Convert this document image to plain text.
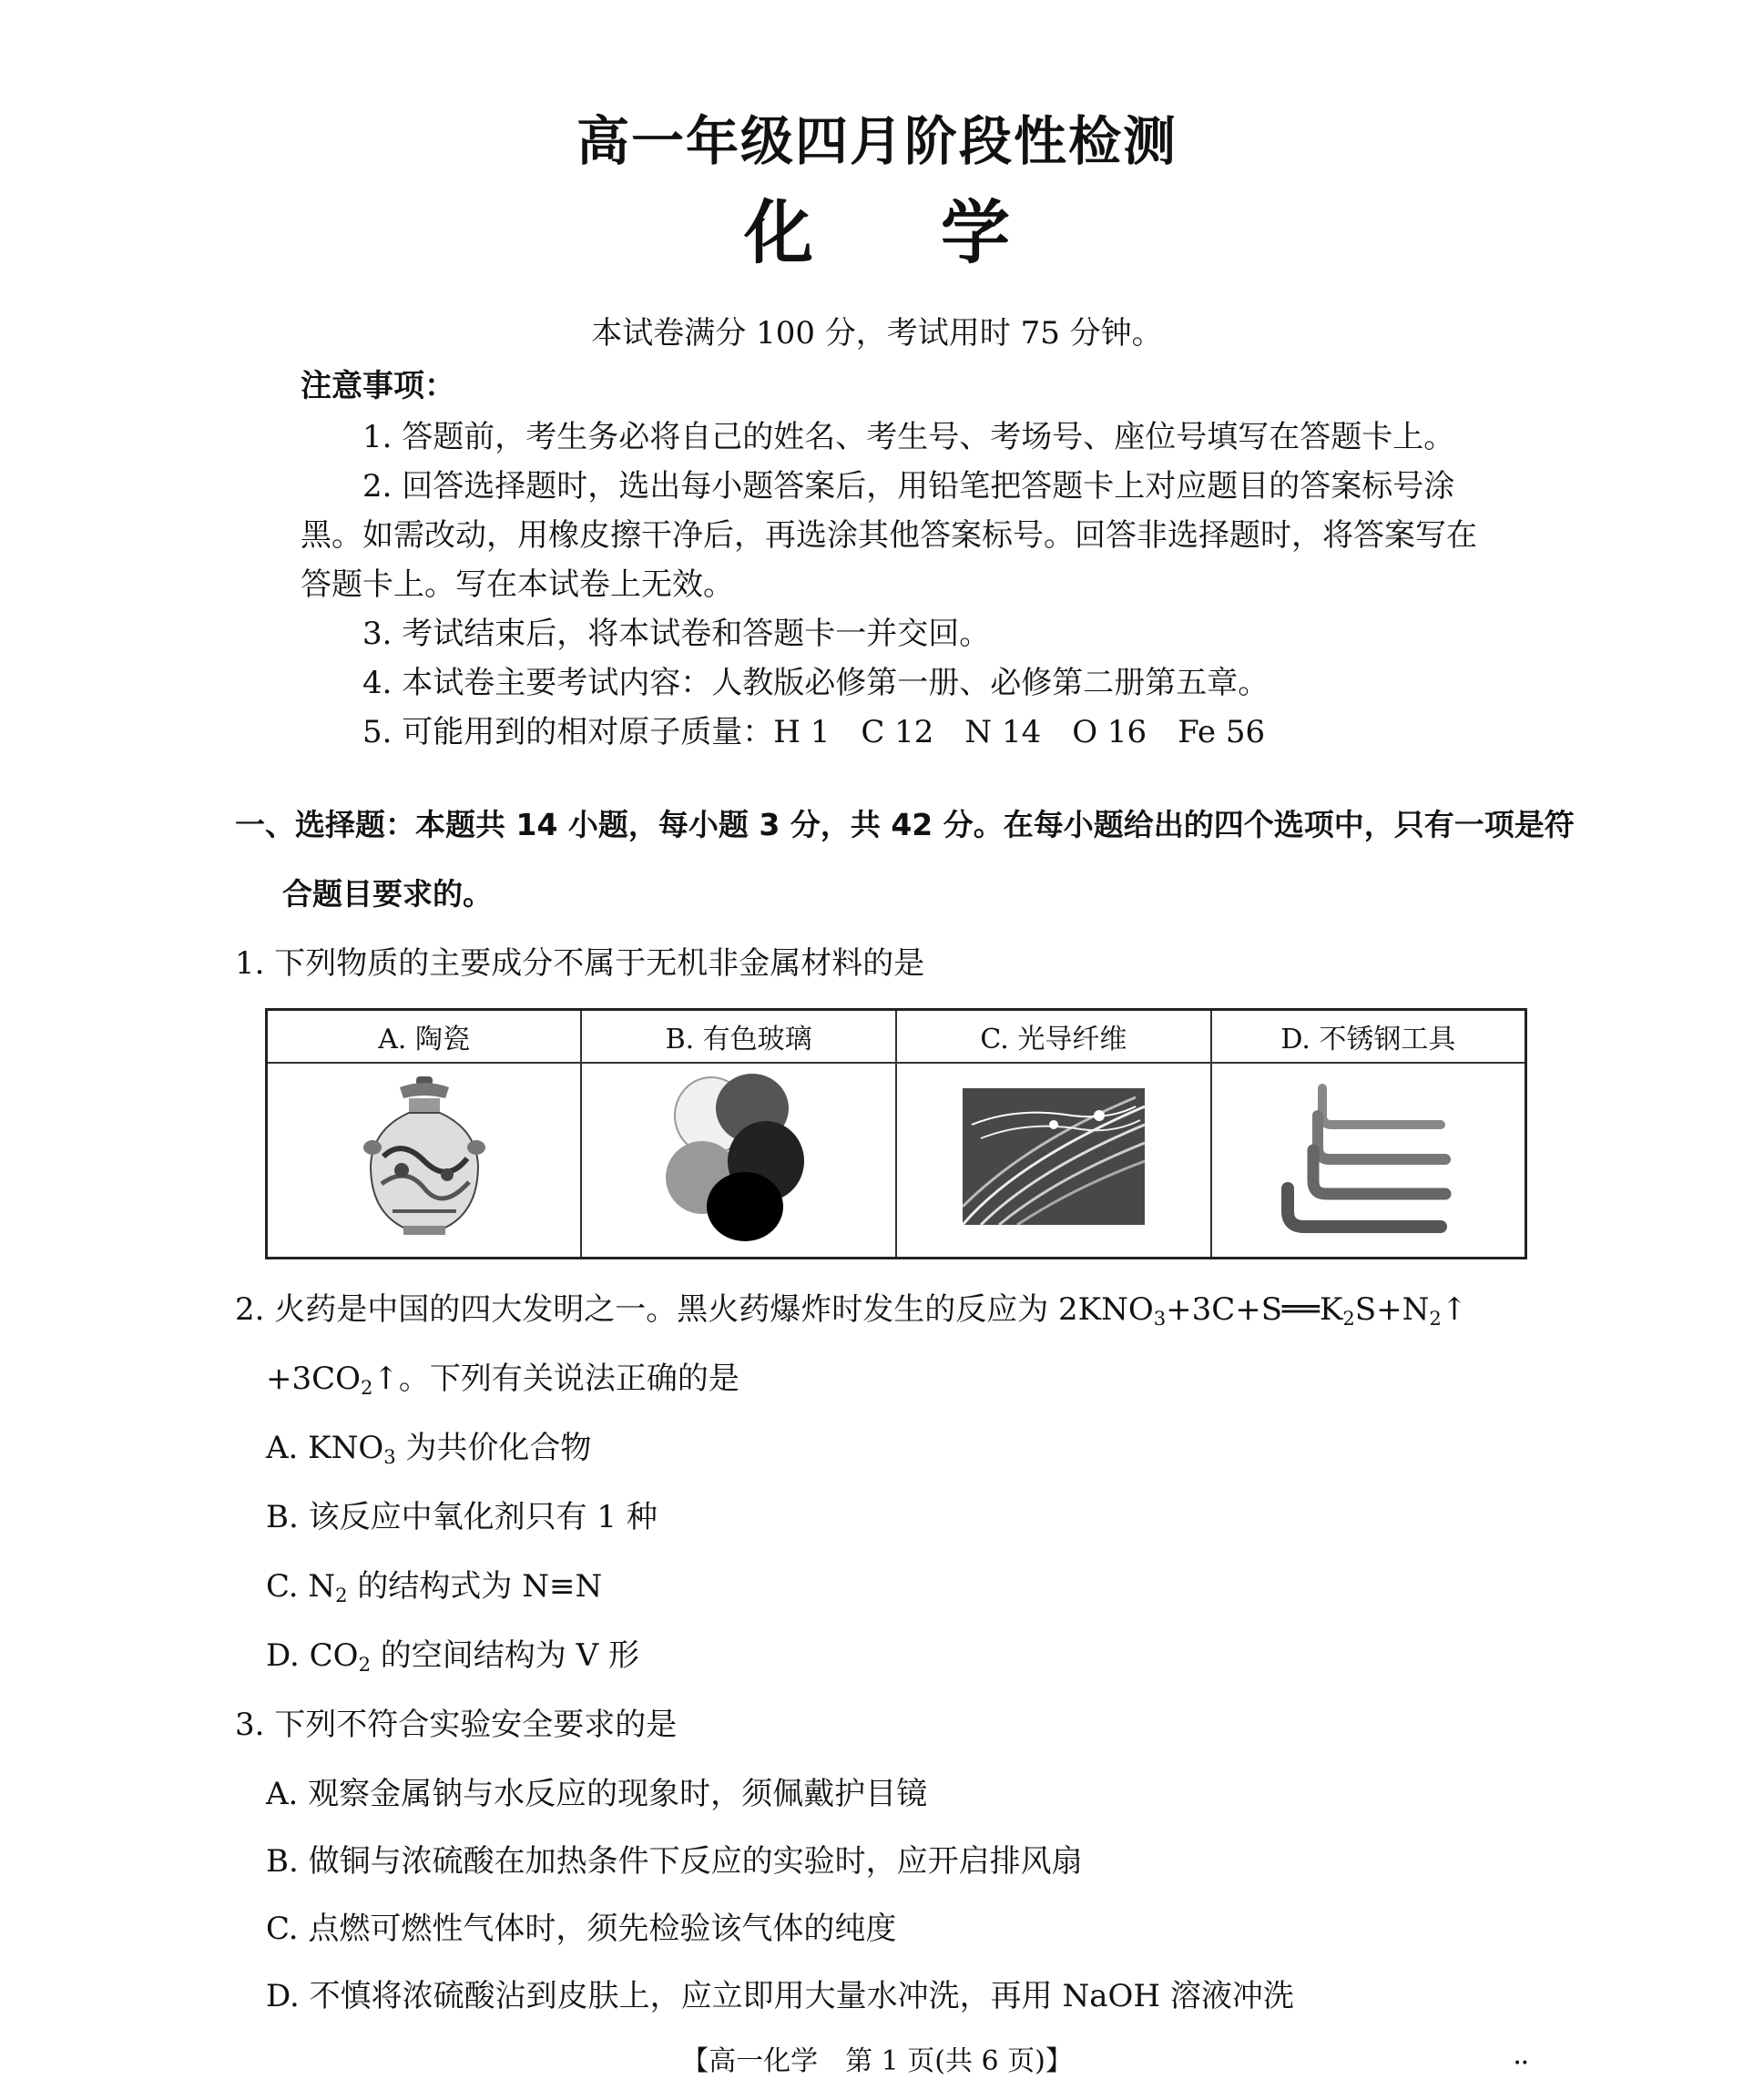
高一年级四月阶段性检测
化 学
本试卷满分 100 分，考试用时 75 分钟。
注意事项：
1. 答题前，考生务必将自己的姓名、考生号、考场号、座位号填写在答题卡上。
2. 回答选择题时，选出每小题答案后，用铅笔把答题卡上对应题目的答案标号涂
黑。如需改动，用橡皮擦干净后，再选涂其他答案标号。回答非选择题时，将答案写在
答题卡上。写在本试卷上无效。
3. 考试结束后，将本试卷和答题卡一并交回。
4. 本试卷主要考试内容：人教版必修第一册、必修第二册第五章。
5. 可能用到的相对原子质量：H 1　C 12　N 14　O 16　Fe 56
一、选择题：本题共 14 小题，每小题 3 分，共 42 分。在每小题给出的四个选项中，只有一项是符
合题目要求的。
1. 下列物质的主要成分不属于无机非金属材料的是
A. 陶瓷	B. 有色玻璃	C. 光导纤维	D. 不锈钢工具

2. 火药是中国的四大发明之一。黑火药爆炸时发生的反应为 $2KNO_3+3C+S══K_2S+N_2↑$
$+3CO_2↑$。下列有关说法正确的是
A. $KNO_3$ 为共价化合物
B. 该反应中氧化剂只有 1 种
C. $N_2$ 的结构式为 N≡N
D. $CO_2$ 的空间结构为 V 形
3. 下列不符合实验安全要求的是
A. 观察金属钠与水反应的现象时，须佩戴护目镜
B. 做铜与浓硫酸在加热条件下反应的实验时，应开启排风扇
C. 点燃可燃性气体时，须先检验该气体的纯度
D. 不慎将浓硫酸沾到皮肤上，应立即用大量水冲洗，再用 NaOH 溶液冲洗
【高一化学　第 1 页(共 6 页)】	••
